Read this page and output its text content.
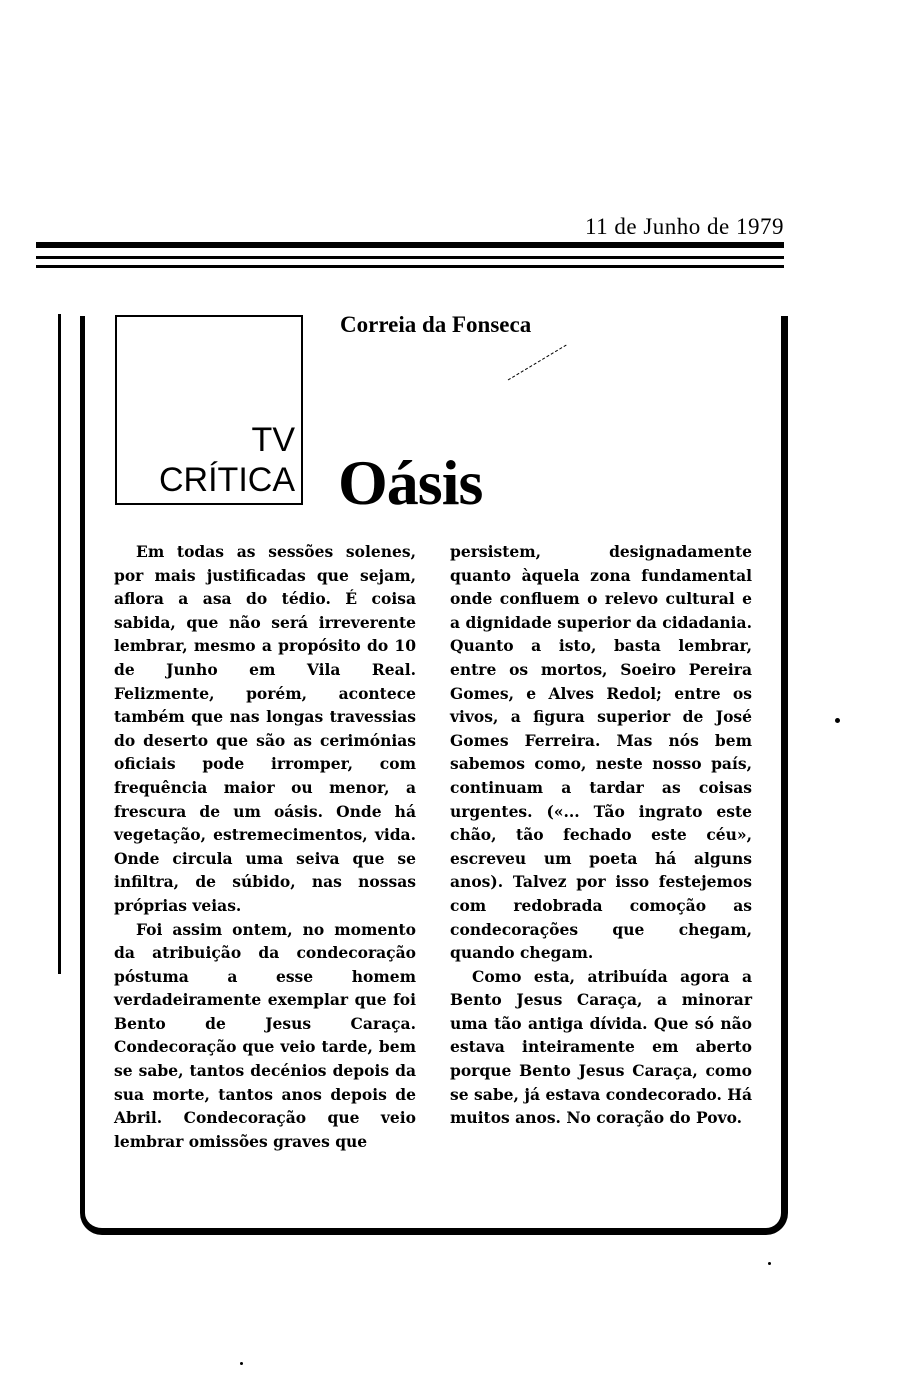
11 de Junho de 1979
TV
CRÍTICA
Correia da Fonseca
Oásis

Em todas as sessões solenes, por mais justificadas que sejam, aflora a asa do tédio. É coisa sabida, que não será irreverente lembrar, mesmo a propósito do 10 de Junho em Vila Real. Felizmente, porém, acontece também que nas longas travessias do deserto que são as cerimónias oficiais pode irromper, com frequência maior ou menor, a frescura de um oásis. Onde há vegetação, estremecimentos, vida. Onde circula uma seiva que se infiltra, de súbido, nas nossas próprias veias.

Foi assim ontem, no momento da atribuição da condecoração póstuma a esse homem verdadeiramente exemplar que foi Bento de Jesus Caraça. Condecoração que veio tarde, bem se sabe, tantos decénios depois da sua morte, tantos anos depois de Abril. Condecoração que veio lembrar omissões graves que

persistem, designadamente quanto àquela zona fundamental onde confluem o relevo cultural e a dignidade superior da cidadania. Quanto a isto, basta lembrar, entre os mortos, Soeiro Pereira Gomes, e Alves Redol; entre os vivos, a figura superior de José Gomes Ferreira. Mas nós bem sabemos como, neste nosso país, continuam a tardar as coisas urgentes. («... Tão ingrato este chão, tão fechado este céu», escreveu um poeta há alguns anos). Talvez por isso festejemos com redobrada comoção as condecorações que chegam, quando chegam.

Como esta, atribuída agora a Bento Jesus Caraça, a minorar uma tão antiga dívida. Que só não estava inteiramente em aberto porque Bento Jesus Caraça, como se sabe, já estava condecorado. Há muitos anos. No coração do Povo.
